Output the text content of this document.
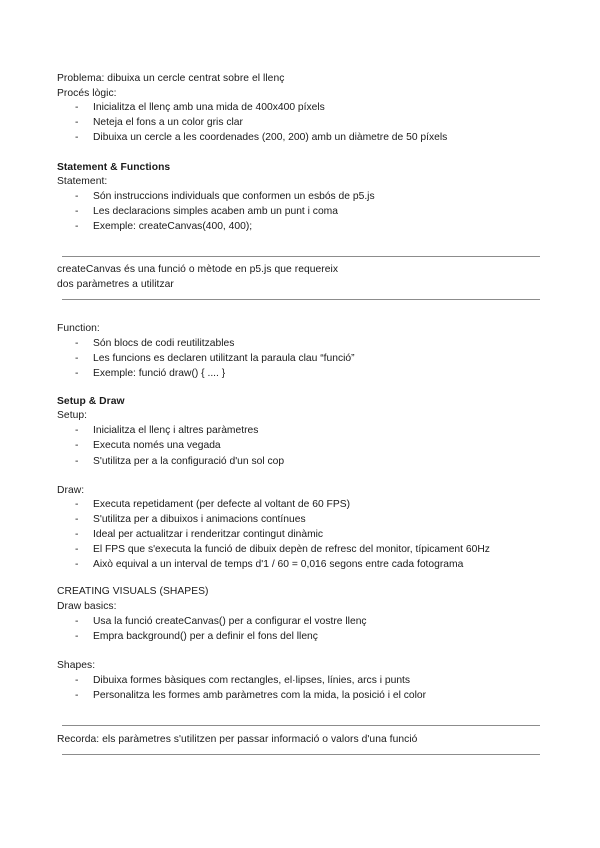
Problema: dibuixa un cercle centrat sobre el llenç
Procés lògic:
-	Inicialitza el llenç amb una mida de 400x400 píxels
-	Neteja el fons a un color gris clar
-	Dibuixa un cercle a les coordenades (200, 200) amb un diàmetre de 50 píxels
Statement & Functions
Statement:
-	Són instruccions individuals que conformen un esbós de p5.js
-	Les declaracions simples acaben amb un punt i coma
-	Exemple: createCanvas(400, 400);
createCanvas és una funció o mètode en p5.js que requereix
dos paràmetres a utilitzar
Function:
-	Són blocs de codi reutilitzables
-	Les funcions es declaren utilitzant la paraula clau “funció”
-	Exemple: funció draw() { .... }
Setup & Draw
Setup:
-	Inicialitza el llenç i altres paràmetres
-	Executa només una vegada
-	S'utilitza per a la configuració d'un sol cop
Draw:
-	Executa repetidament (per defecte al voltant de 60 FPS)
-	S'utilitza per a dibuixos i animacions contínues
-	Ideal per actualitzar i renderitzar contingut dinàmic
-	El FPS que s'executa la funció de dibuix depèn de refresc del monitor, típicament 60Hz
-	Això equival a un interval de temps d'1 / 60 = 0,016 segons entre cada fotograma
CREATING VISUALS (SHAPES)
Draw basics:
-	Usa la funció createCanvas() per a configurar el vostre llenç
-	Empra background() per a definir el fons del llenç
Shapes:
-	Dibuixa formes bàsiques com rectangles, el·lipses, línies, arcs i punts
-	Personalitza les formes amb paràmetres com la mida, la posició i el color
Recorda: els paràmetres s'utilitzen per passar informació o valors d'una funció
